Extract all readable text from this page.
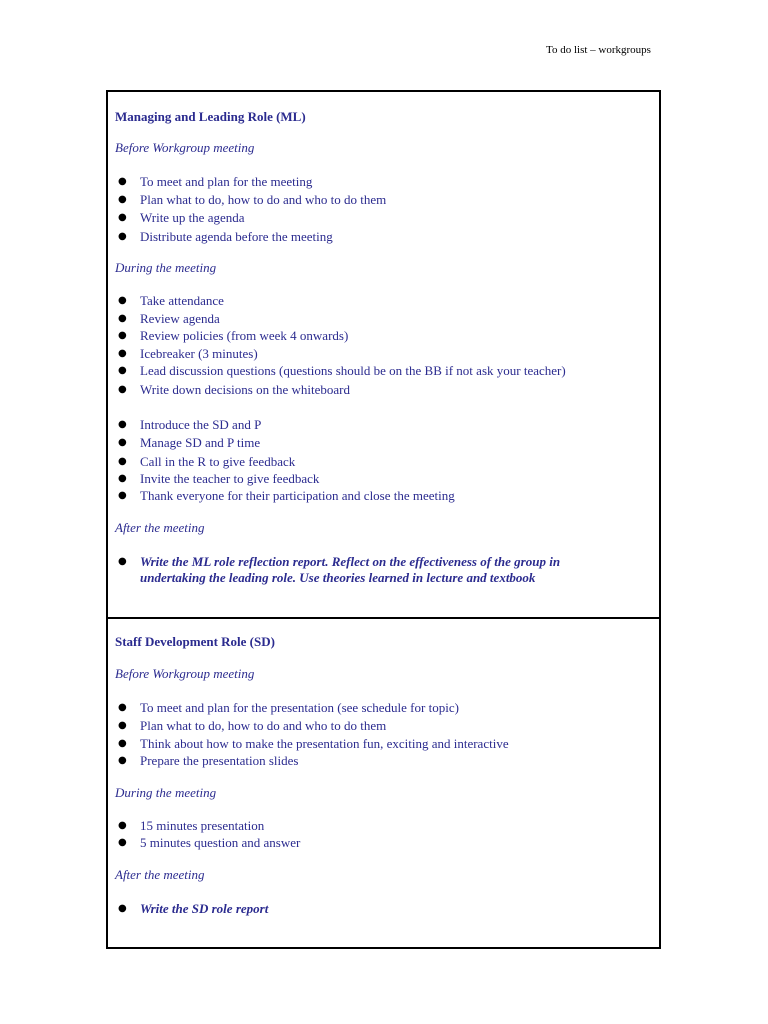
To do list – workgroups
Managing and Leading Role (ML)
Before Workgroup meeting
● To meet and plan for the meeting
● Plan what to do, how to do and who to do them
● Write up the agenda
● Distribute agenda before the meeting
During the meeting
● Take attendance
● Review agenda
● Review policies (from week 4 onwards)
● Icebreaker (3 minutes)
● Lead discussion questions (questions should be on the BB if not ask your teacher)
● Write down decisions on the whiteboard
● Introduce the SD and P
● Manage SD and P time
● Call in the R to give feedback
● Invite the teacher to give feedback
● Thank everyone for their participation and close the meeting
After the meeting
● Write the ML role reflection report. Reflect on the effectiveness of the group in
undertaking the leading role. Use theories learned in lecture and textbook
Staff Development Role (SD)
Before Workgroup meeting
● To meet and plan for the presentation (see schedule for topic)
● Plan what to do, how to do and who to do them
● Think about how to make the presentation fun, exciting and interactive
● Prepare the presentation slides
During the meeting
● 15 minutes presentation
● 5 minutes question and answer
After the meeting
● Write the SD role report
